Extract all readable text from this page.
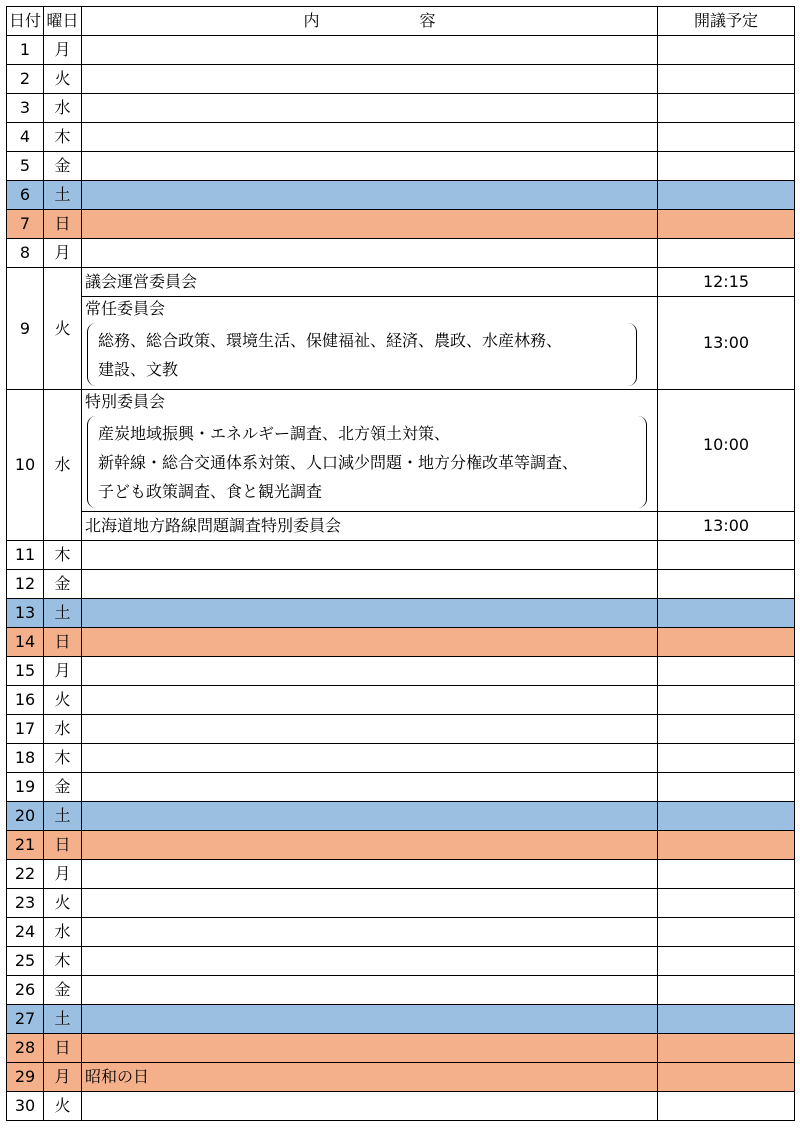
日付	曜日	内 容	開議予定
1	月		
2	火		
3	水		
4	木		
5	金		
6	土		
7	日		
8	月		
9	火	議会運営委員会	12:15

		常任委員会
総務、総合政策、環境生活、保健福祉、経済、農政、水産林務、
建設、文教	13:00
10	水	特別委員会
産炭地域振興・エネルギー調査、北方領土対策、
新幹線・総合交通体系対策、人口減少問題・地方分権改革等調査、
子ども政策調査、食と観光調査	10:00
		北海道地方路線問題調査特別委員会	13:00
11	木		
12	金		
13	土		
14	日		
15	月		
16	火		
17	水		
18	木		
19	金		
20	土		
21	日		
22	月		
23	火		
24	水		
25	木		
26	金		
27	土		
28	日		
29	月	昭和の日	
30	火		
